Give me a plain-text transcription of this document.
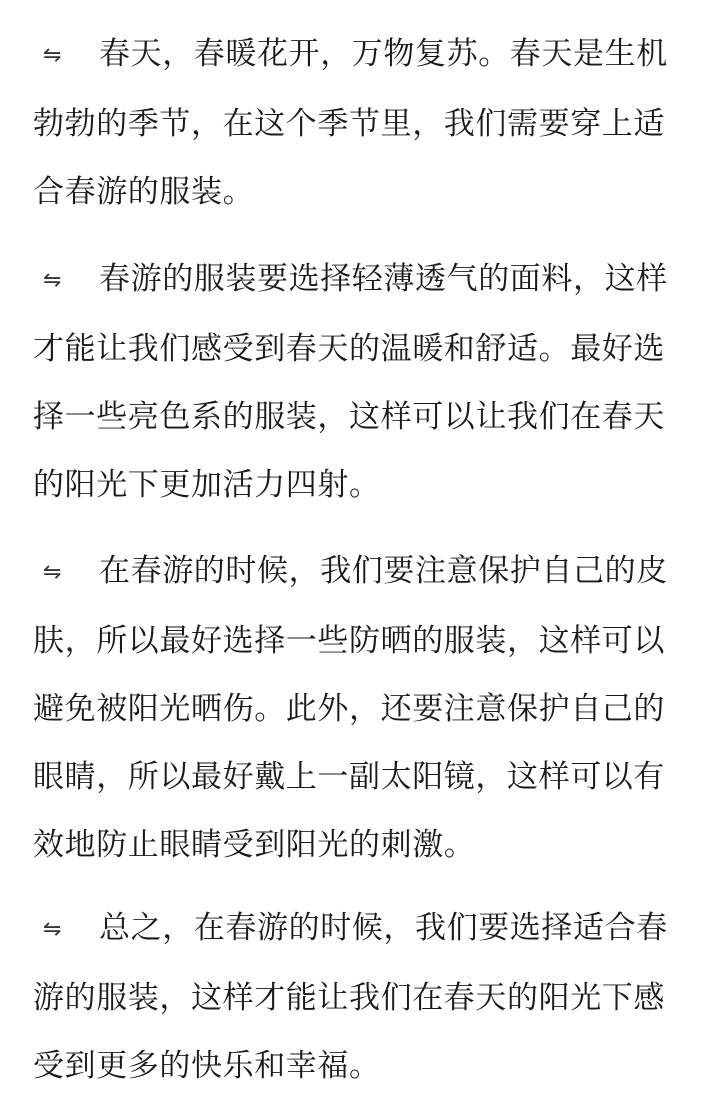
⇋ 春天，春暖花开，万物复苏。春天是生机勃勃的季节，在这个季节里，我们需要穿上适合春游的服装。

⇋ 春游的服装要选择轻薄透气的面料，这样才能让我们感受到春天的温暖和舒适。最好选择一些亮色系的服装，这样可以让我们在春天的阳光下更加活力四射。

⇋ 在春游的时候，我们要注意保护自己的皮肤，所以最好选择一些防晒的服装，这样可以避免被阳光晒伤。此外，还要注意保护自己的眼睛，所以最好戴上一副太阳镜，这样可以有效地防止眼睛受到阳光的刺激。

⇋ 总之，在春游的时候，我们要选择适合春游的服装，这样才能让我们在春天的阳光下感受到更多的快乐和幸福。
